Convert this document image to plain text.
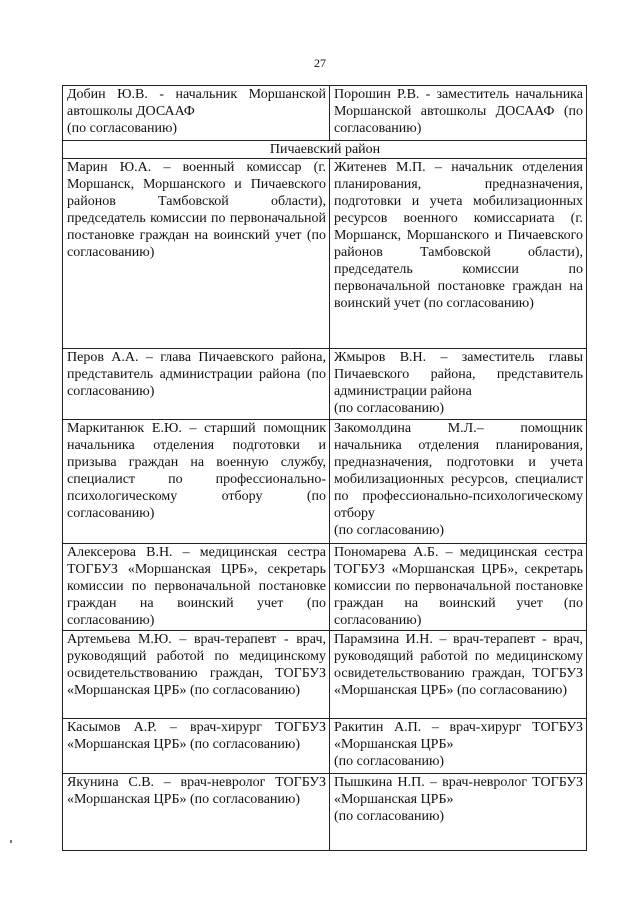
27
Добин Ю.В. - начальник Моршанской автошколы ДОСААФ
(по согласованию)	Порошин Р.В. - заместитель начальника Моршанской автошколы ДОСААФ (по согласованию)

Пичаевский район	

Марин Ю.А. – военный комиссар (г. Моршанск, Моршанского и Пичаевского районов Тамбовской области), председатель комиссии по первоначальной постановке граждан на воинский учет (по согласованию)	Житенев М.П. – начальник отделения планирования, предназначения, подготовки и учета мобилизационных ресурсов военного комиссариата (г. Моршанск, Моршанского и Пичаевского районов Тамбовской области), председатель комиссии по первоначальной постановке граждан на воинский учет (по согласованию)

Перов А.А. – глава Пичаевского района, представитель администрации района (по согласованию)	Жмыров В.Н. – заместитель главы Пичаевского района, представитель администрации района
(по согласованию)

Маркитанюк Е.Ю. – старший помощник начальника отделения подготовки и призыва граждан на военную службу, специалист по профессионально-психологическому отбору (по согласованию)	Закомолдина М.Л.– помощник начальника отделения планирования, предназначения, подготовки и учета мобилизационных ресурсов, специалист по профессионально-психологическому отбору
(по согласованию)

Алексерова В.Н. – медицинская сестра ТОГБУЗ «Моршанская ЦРБ», секретарь комиссии по первоначальной постановке граждан на воинский учет (по согласованию)	Пономарева А.Б. – медицинская сестра ТОГБУЗ «Моршанская ЦРБ», секретарь комиссии по первоначальной постановке граждан на воинский учет (по согласованию)

Артемьева М.Ю. – врач-терапевт - врач, руководящий работой по медицинскому освидетельствованию граждан, ТОГБУЗ «Моршанская ЦРБ» (по согласованию)	Парамзина И.Н. – врач-терапевт - врач, руководящий работой по медицинскому освидетельствованию граждан, ТОГБУЗ «Моршанская ЦРБ» (по согласованию)

Касымов А.Р. – врач-хирург ТОГБУЗ «Моршанская ЦРБ» (по согласованию)	Ракитин А.П. – врач-хирург ТОГБУЗ «Моршанская ЦРБ»
(по согласованию)

Якунина С.В. – врач-невролог ТОГБУЗ «Моршанская ЦРБ» (по согласованию)	Пышкина Н.П. – врач-невролог ТОГБУЗ «Моршанская ЦРБ»
(по согласованию)
